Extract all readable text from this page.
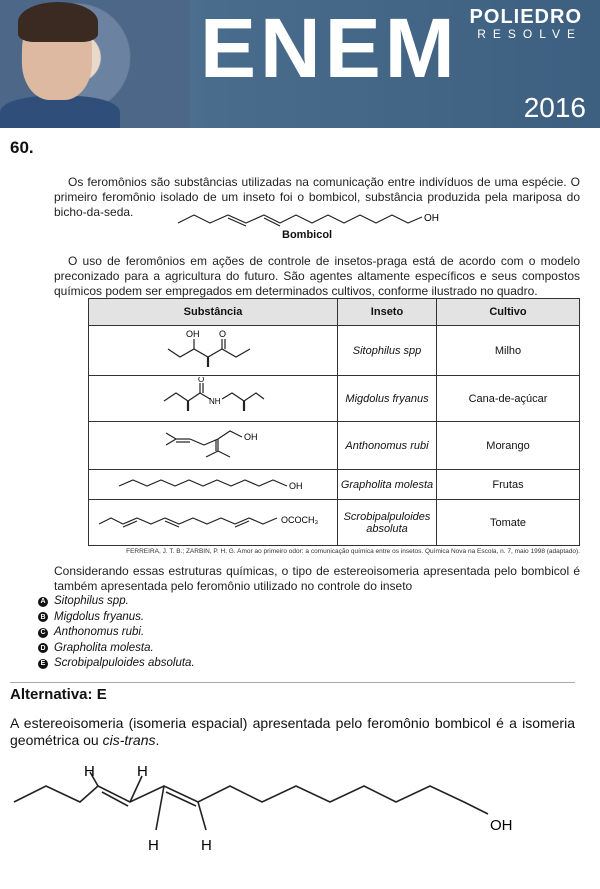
ENEM POLIEDRO
RESOLVE
2016
60.
Os feromônios são substâncias utilizadas na comunicação entre indivíduos de uma espécie. O primeiro feromônio isolado de um inseto foi o bombicol, substância produzida pela mariposa do bicho-da-seda.	OH
Bombicol
O uso de feromônios em ações de controle de insetos-praga está de acordo com o modelo preconizado para a agricultura do futuro. São agentes altamente específicos e seus compostos químicos podem ser empregados em determinados cultivos, conforme ilustrado no quadro.
Substância	Inseto	Cultivo

OH O	Sitophilus spp	Milho

O
NH	Migdolus fryanus	Cana-de-açúcar

OH	Anthonomus rubi	Morango

OH	Grapholita molesta	Frutas

OCOCH₃	Scrobipalpuloides absoluta	Tomate
FERREIRA, J. T. B.; ZARBIN, P. H. G. Amor ao primeiro odor: a comunicação química entre os insetos. Química Nova na Escola, n. 7, maio 1998 (adaptado).
Considerando essas estruturas químicas, o tipo de estereoisomeria apresentada pelo bombicol é também apresentada pelo feromônio utilizado no controle do inseto
A Sitophilus spp.
B Migdolus fryanus.
C Anthonomus rubi.
D Grapholita molesta.
E Scrobipalpuloides absoluta.
Alternativa: E
A estereoisomeria (isomeria espacial) apresentada pelo feromônio bombicol é a isomeria geométrica ou cis-trans.
H	H
H	H
OH
